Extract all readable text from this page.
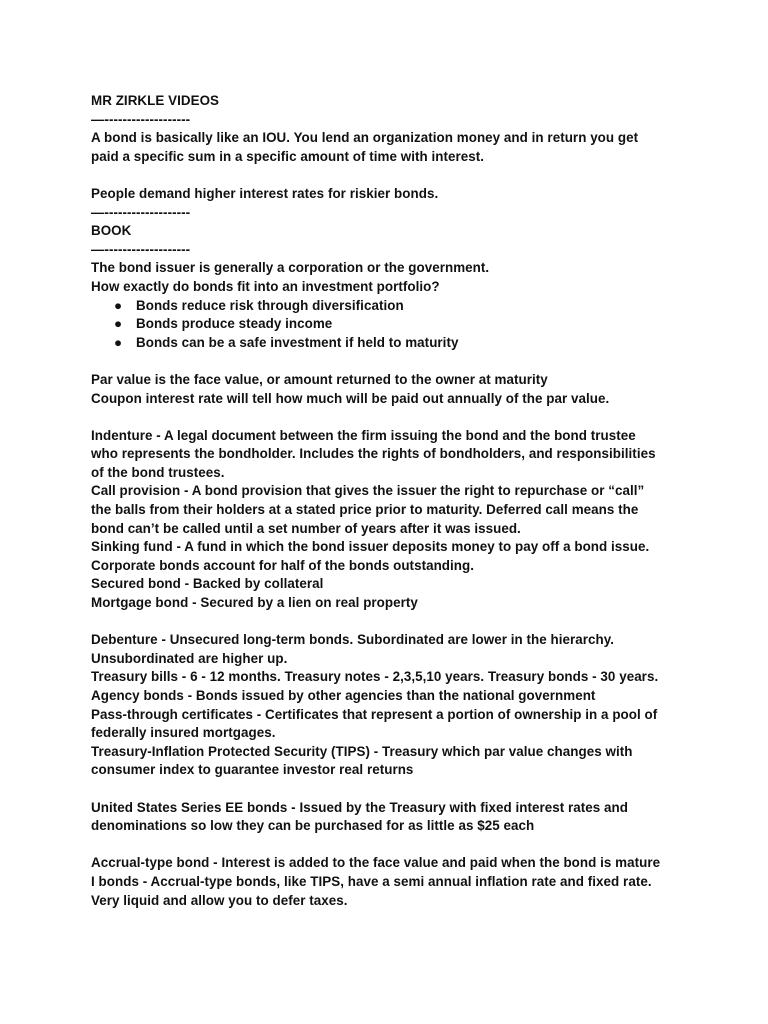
MR ZIRKLE VIDEOS
—-------------------
A bond is basically like an IOU. You lend an organization money and in return you get
paid a specific sum in a specific amount of time with interest.
People demand higher interest rates for riskier bonds.
—-------------------
BOOK
—-------------------
The bond issuer is generally a corporation or the government.
How exactly do bonds fit into an investment portfolio?
● Bonds reduce risk through diversification
● Bonds produce steady income
● Bonds can be a safe investment if held to maturity
Par value is the face value, or amount returned to the owner at maturity
Coupon interest rate will tell how much will be paid out annually of the par value.
Indenture - A legal document between the firm issuing the bond and the bond trustee
who represents the bondholder. Includes the rights of bondholders, and responsibilities
of the bond trustees.
Call provision - A bond provision that gives the issuer the right to repurchase or “call”
the balls from their holders at a stated price prior to maturity. Deferred call means the
bond can’t be called until a set number of years after it was issued.
Sinking fund - A fund in which the bond issuer deposits money to pay off a bond issue.
Corporate bonds account for half of the bonds outstanding.
Secured bond - Backed by collateral
Mortgage bond - Secured by a lien on real property
Debenture - Unsecured long-term bonds. Subordinated are lower in the hierarchy.
Unsubordinated are higher up.
Treasury bills - 6 - 12 months. Treasury notes - 2,3,5,10 years. Treasury bonds - 30 years.
Agency bonds - Bonds issued by other agencies than the national government
Pass-through certificates - Certificates that represent a portion of ownership in a pool of
federally insured mortgages.
Treasury-Inflation Protected Security (TIPS) - Treasury which par value changes with
consumer index to guarantee investor real returns
United States Series EE bonds - Issued by the Treasury with fixed interest rates and
denominations so low they can be purchased for as little as $25 each
Accrual-type bond - Interest is added to the face value and paid when the bond is mature
I bonds - Accrual-type bonds, like TIPS, have a semi annual inflation rate and fixed rate.
Very liquid and allow you to defer taxes.
